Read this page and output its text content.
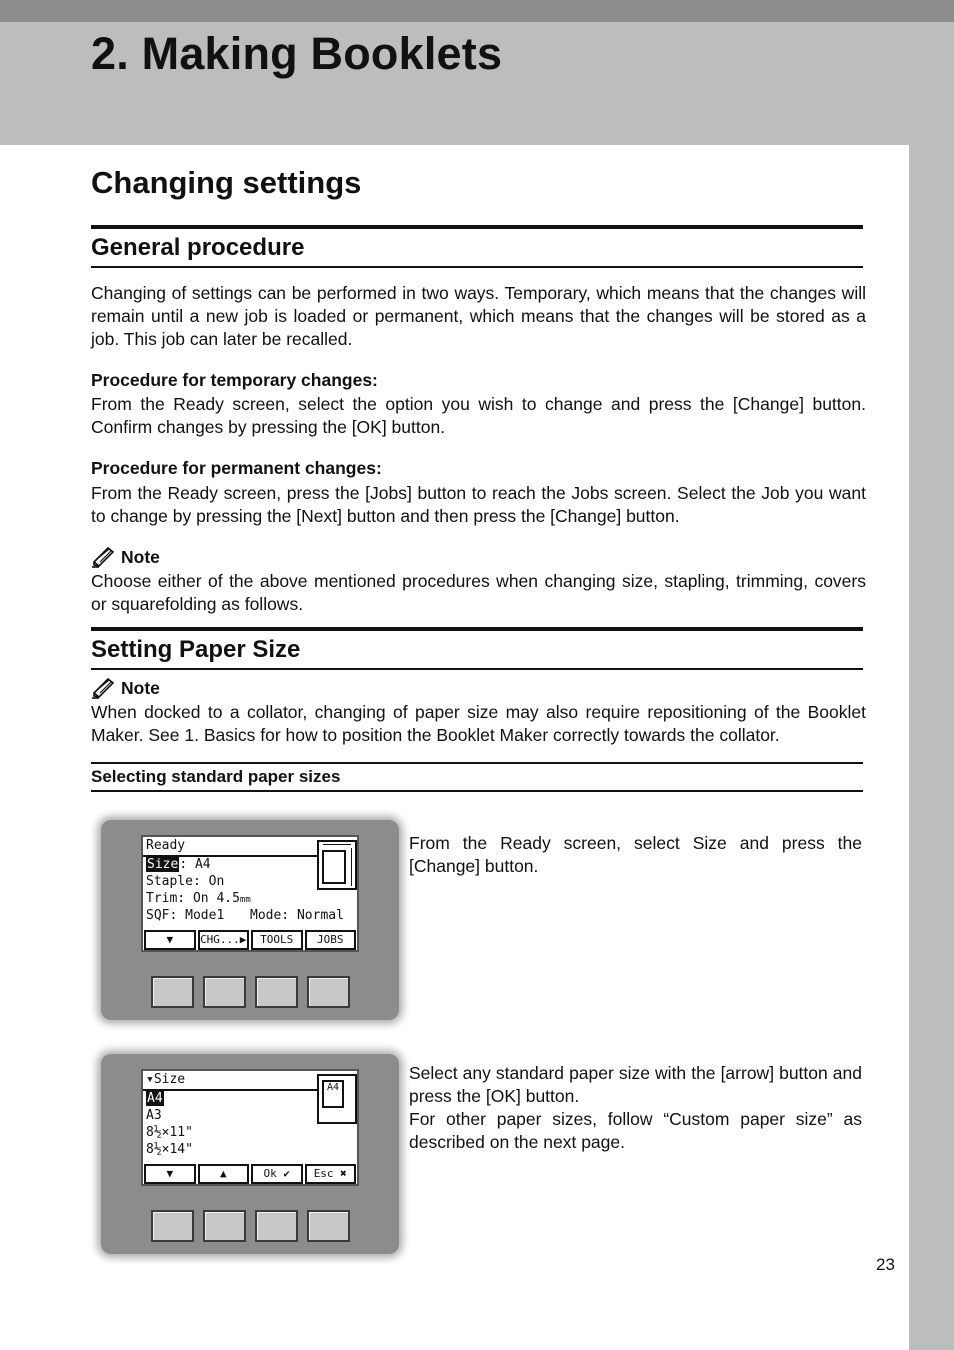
2. Making Booklets
Changing settings
General procedure
Changing of settings can be performed in two ways. Temporary, which means that the changes will remain until a new job is loaded or permanent, which means that the changes will be stored as a job. This job can later be recalled.
Procedure for temporary changes:
From the Ready screen, select the option you wish to change and press the [Change] button. Confirm changes by pressing the [OK] button.
Procedure for permanent changes:
From the Ready screen, press the [Jobs] button to reach the Jobs screen. Select the Job you want to change by pressing the [Next] button and then press the [Change] button.
Note
Choose either of the above mentioned procedures when changing size, stapling, trimming, covers or squarefolding as follows.
Setting Paper Size
Note
When docked to a collator, changing of paper size may also require repositioning of the Booklet Maker. See 1. Basics for how to position the Booklet Maker correctly towards the collator.
Selecting standard paper sizes
Ready
Size: A4
Staple: On
Trim: On 4.5mm
SQF: Mode1 Mode: Normal
▼	CHG...▶	TOOLS	JOBS
From the Ready screen, select Size and press the [Change] button.
▾Size
A4
A3
8½×11"
8½×14"
A4
▼	▲	Ok ✔	Esc ✖
Select any standard paper size with the [arrow] button and press the [OK] button.
For other paper sizes, follow “Custom paper size” as described on the next page.
23
